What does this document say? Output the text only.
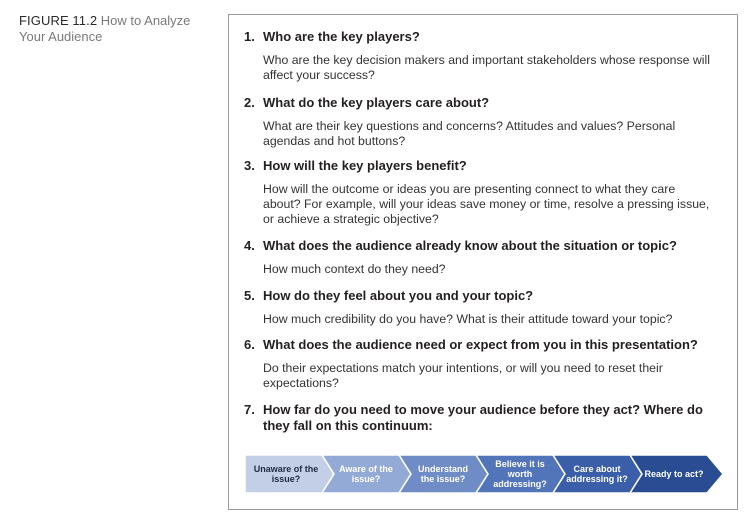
FIGURE 11.2 How to Analyze Your Audience	1. Who are the key players?
Who are the key decision makers and important stakeholders whose response will affect your success?
2. What do the key players care about?
What are their key questions and concerns? Attitudes and values? Personal agendas and hot buttons?
3. How will the key players benefit?
How will the outcome or ideas you are presenting connect to what they care about? For example, will your ideas save money or time, resolve a pressing issue, or achieve a strategic objective?
4. What does the audience already know about the situation or topic?
How much context do they need?
5. How do they feel about you and your topic?
How much credibility do you have? What is their attitude toward your topic?
6. What does the audience need or expect from you in this presentation?
Do their expectations match your intentions, or will you need to reset their expectations?
7. How far do you need to move your audience before they act? Where do they fall on this continuum:
Unaware of the issue?
Aware of the issue?
Understand the issue?
Believe it is worth addressing?
Care about addressing it? Ready to act?
